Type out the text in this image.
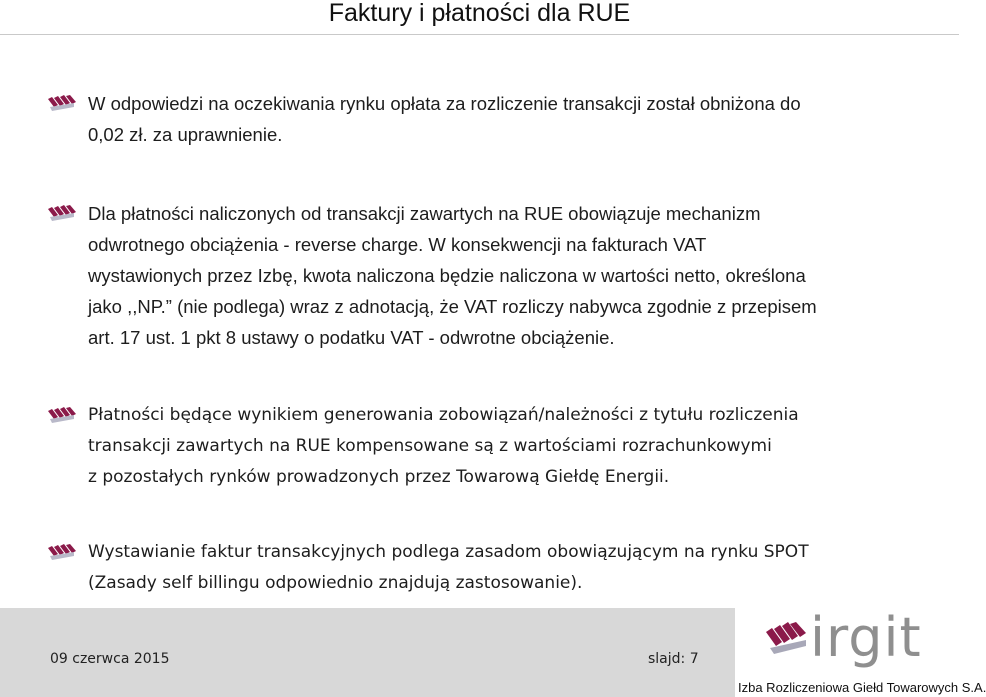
Faktury i płatności dla RUE
W odpowiedzi na oczekiwania rynku opłata za rozliczenie transakcji został obniżona do
0,02 zł. za uprawnienie.
Dla płatności naliczonych od transakcji zawartych na RUE obowiązuje mechanizm
odwrotnego obciążenia - reverse charge. W konsekwencji na fakturach VAT
wystawionych przez Izbę, kwota naliczona będzie naliczona w wartości netto, określona
jako ,,NP.” (nie podlega) wraz z adnotacją, że VAT rozliczy nabywca zgodnie z przepisem
art. 17 ust. 1 pkt 8 ustawy o podatku VAT - odwrotne obciążenie.
Płatności będące wynikiem generowania zobowiązań/należności z tytułu rozliczenia
transakcji zawartych na RUE kompensowane są z wartościami rozrachunkowymi
z pozostałych rynków prowadzonych przez Towarową Giełdę Energii.
Wystawianie faktur transakcyjnych podlega zasadom obowiązującym na rynku SPOT
(Zasady self billingu odpowiednio znajdują zastosowanie).
09 czerwca 2015	slajd: 7 irgit
Izba Rozliczeniowa Giełd Towarowych S.A.
